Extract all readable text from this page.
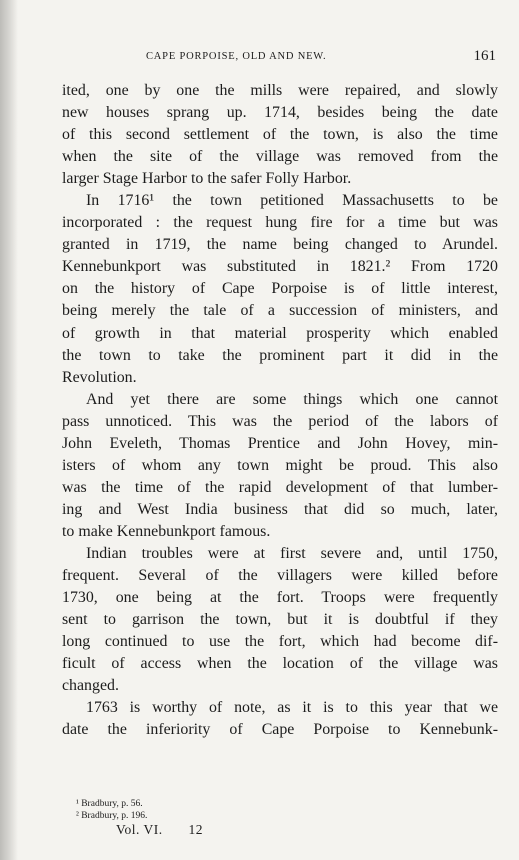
CAPE PORPOISE, OLD AND NEW.	161
ited, one by one the mills were repaired, and slowly
new houses sprang up. 1714, besides being the date
of this second settlement of the town, is also the time
when the site of the village was removed from the
larger Stage Harbor to the safer Folly Harbor.
In 1716¹ the town petitioned Massachusetts to be
incorporated : the request hung fire for a time but was
granted in 1719, the name being changed to Arundel.
Kennebunkport was substituted in 1821.² From 1720
on the history of Cape Porpoise is of little interest,
being merely the tale of a succession of ministers, and
of growth in that material prosperity which enabled
the town to take the prominent part it did in the
Revolution.
And yet there are some things which one cannot
pass unnoticed. This was the period of the labors of
John Eveleth, Thomas Prentice and John Hovey, min-
isters of whom any town might be proud. This also
was the time of the rapid development of that lumber-
ing and West India business that did so much, later,
to make Kennebunkport famous.
Indian troubles were at first severe and, until 1750,
frequent. Several of the villagers were killed before
1730, one being at the fort. Troops were frequently
sent to garrison the town, but it is doubtful if they
long continued to use the fort, which had become dif-
ficult of access when the location of the village was
changed.
1763 is worthy of note, as it is to this year that we
date the inferiority of Cape Porpoise to Kennebunk-
¹ Bradbury, p. 56.
² Bradbury, p. 196.
Vol. VI. 12
